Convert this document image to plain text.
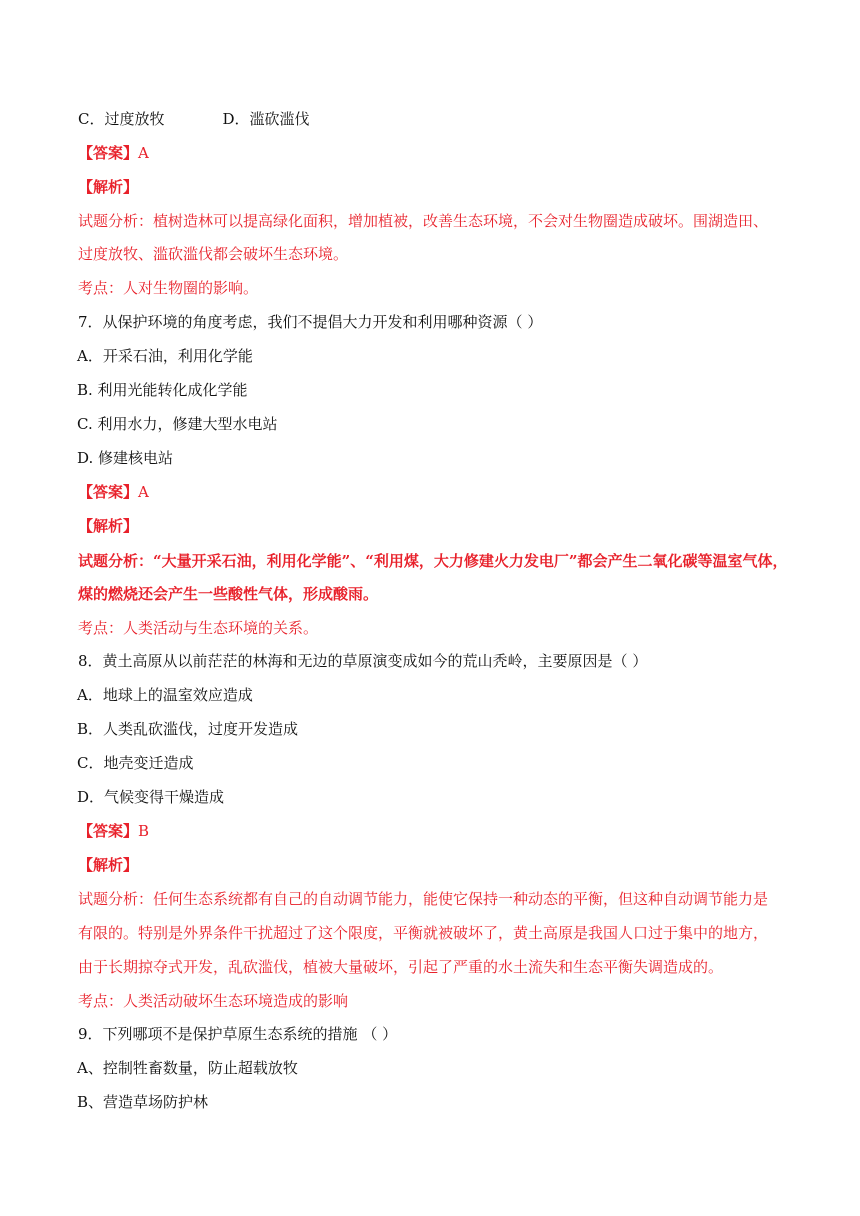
C．过度放牧	D．滥砍滥伐
【答案】A
【解析】
试题分析：植树造林可以提高绿化面积，增加植被，改善生态环境，不会对生物圈造成破坏。围湖造田、
过度放牧、滥砍滥伐都会破坏生态环境。
考点：人对生物圈的影响。
7．从保护环境的角度考虑，我们不提倡大力开发和利用哪种资源（ ）
A．开采石油，利用化学能
B. 利用光能转化成化学能
C. 利用水力，修建大型水电站
D. 修建核电站
【答案】A
【解析】
试题分析：“大量开采石油，利用化学能”、“利用煤，大力修建火力发电厂”都会产生二氧化碳等温室气体，
煤的燃烧还会产生一些酸性气体，形成酸雨。
考点：人类活动与生态环境的关系。
8．黄土高原从以前茫茫的林海和无边的草原演变成如今的荒山秃岭，主要原因是（ ）
A．地球上的温室效应造成
B．人类乱砍滥伐，过度开发造成
C．地壳变迁造成
D．气候变得干燥造成
【答案】B
【解析】
试题分析：任何生态系统都有自己的自动调节能力，能使它保持一种动态的平衡，但这种自动调节能力是
有限的。特别是外界条件干扰超过了这个限度，平衡就被破坏了，黄土高原是我国人口过于集中的地方，
由于长期掠夺式开发，乱砍滥伐，植被大量破坏，引起了严重的水土流失和生态平衡失调造成的。
考点：人类活动破坏生态环境造成的影响
9．下列哪项不是保护草原生态系统的措施 （ ）
A、控制牲畜数量，防止超载放牧
B、营造草场防护林
